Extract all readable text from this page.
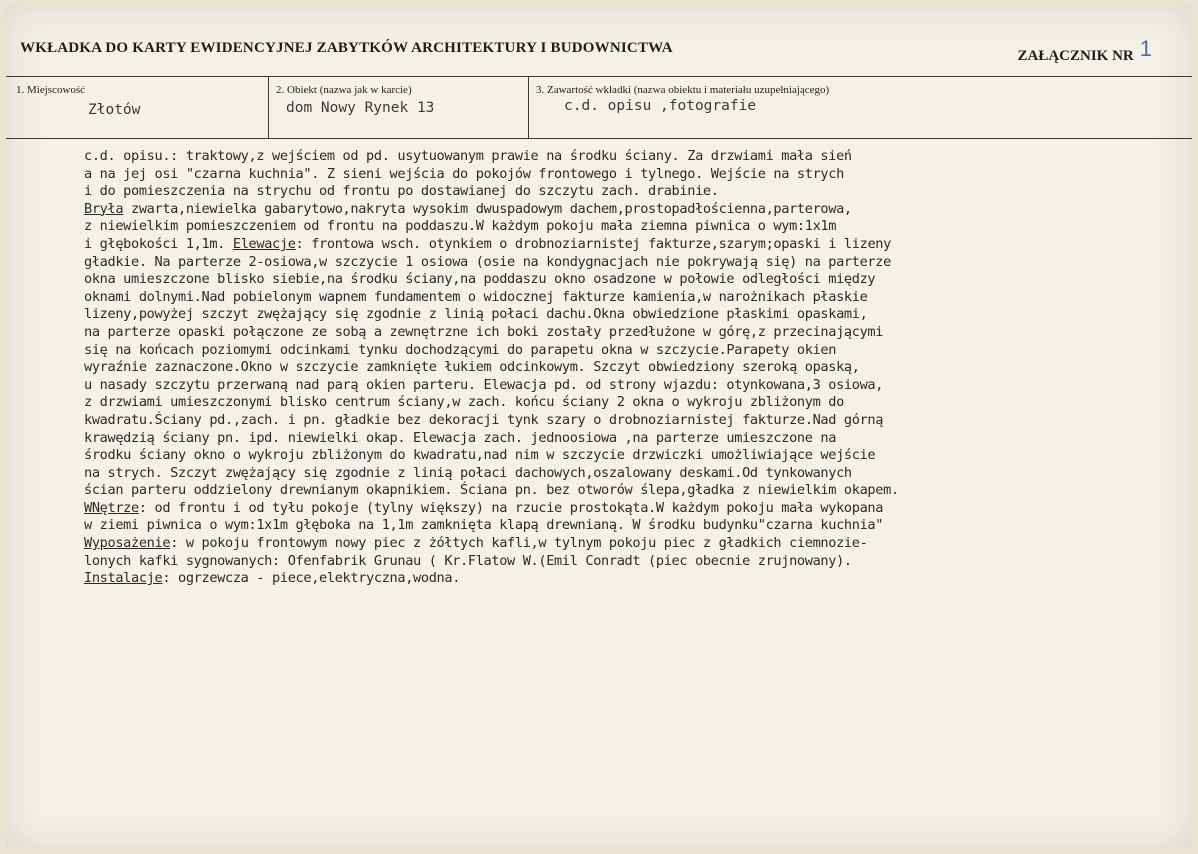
WKŁADKA DO KARTY EWIDENCYJNEJ ZABYTKÓW ARCHITEKTURY I BUDOWNICTWA	ZAŁĄCZNIK NR 1
1. Miejscowość
Złotów
2. Obiekt (nazwa jak w karcie)
dom Nowy Rynek 13
3. Zawartość wkładki (nazwa obiektu i materiału uzupełniającego)
c.d. opisu ,fotografie
c.d. opisu.: traktowy,z wejściem od pd. usytuowanym prawie na środku ściany. Za drzwiami mała sień
a na jej osi "czarna kuchnia". Z sieni wejścia do pokojów frontowego i tylnego. Wejście na strych
i do pomieszczenia na strychu od frontu po dostawianej do szczytu zach. drabinie.
Bryła zwarta,niewielka gabarytowo,nakryta wysokim dwuspadowym dachem,prostopadłościenna,parterowa,
z niewielkim pomieszczeniem od frontu na poddaszu.W każdym pokoju mała ziemna piwnica o wym:1x1m
i głębokości 1,1m. Elewacje: frontowa wsch. otynkiem o drobnoziarnistej fakturze,szarym;opaski i lizeny
gładkie. Na parterze 2-osiowa,w szczycie 1 osiowa (osie na kondygnacjach nie pokrywają się) na parterze
okna umieszczone blisko siebie,na środku ściany,na poddaszu okno osadzone w połowie odległości między
oknami dolnymi.Nad pobielonym wapnem fundamentem o widocznej fakturze kamienia,w narożnikach płaskie
lizeny,powyżej szczyt zwężający się zgodnie z linią połaci dachu.Okna obwiedzione płaskimi opaskami,
na parterze opaski połączone ze sobą a zewnętrzne ich boki zostały przedłużone w górę,z przecinającymi
się na końcach poziomymi odcinkami tynku dochodzącymi do parapetu okna w szczycie.Parapety okien
wyraźnie zaznaczone.Okno w szczycie zamknięte łukiem odcinkowym. Szczyt obwiedziony szeroką opaską,
u nasady szczytu przerwaną nad parą okien parteru. Elewacja pd. od strony wjazdu: otynkowana,3 osiowa,
z drzwiami umieszczonymi blisko centrum ściany,w zach. końcu ściany 2 okna o wykroju zbliżonym do
kwadratu.Ściany pd.,zach. i pn. gładkie bez dekoracji tynk szary o drobnoziarnistej fakturze.Nad górną
krawędzią ściany pn. ipd. niewielki okap. Elewacja zach. jednoosiowa ,na parterze umieszczone na
środku ściany okno o wykroju zbliżonym do kwadratu,nad nim w szczycie drzwiczki umożliwiające wejście
na strych. Szczyt zwężający się zgodnie z linią połaci dachowych,oszalowany deskami.Od tynkowanych
ścian parteru oddzielony drewnianym okapnikiem. Ściana pn. bez otworów ślepa,gładka z niewielkim okapem.
WNętrze: od frontu i od tyłu pokoje (tylny większy) na rzucie prostokąta.W każdym pokoju mała wykopana
w ziemi piwnica o wym:1x1m głęboka na 1,1m zamknięta klapą drewnianą. W środku budynku"czarna kuchnia"
Wyposażenie: w pokoju frontowym nowy piec z żółtych kafli,w tylnym pokoju piec z gładkich ciemnozie-
lonych kafki sygnowanych: Ofenfabrik Grunau ( Kr.Flatow W.(Emil Conradt (piec obecnie zrujnowany).
Instalacje: ogrzewcza - piece,elektryczna,wodna.
